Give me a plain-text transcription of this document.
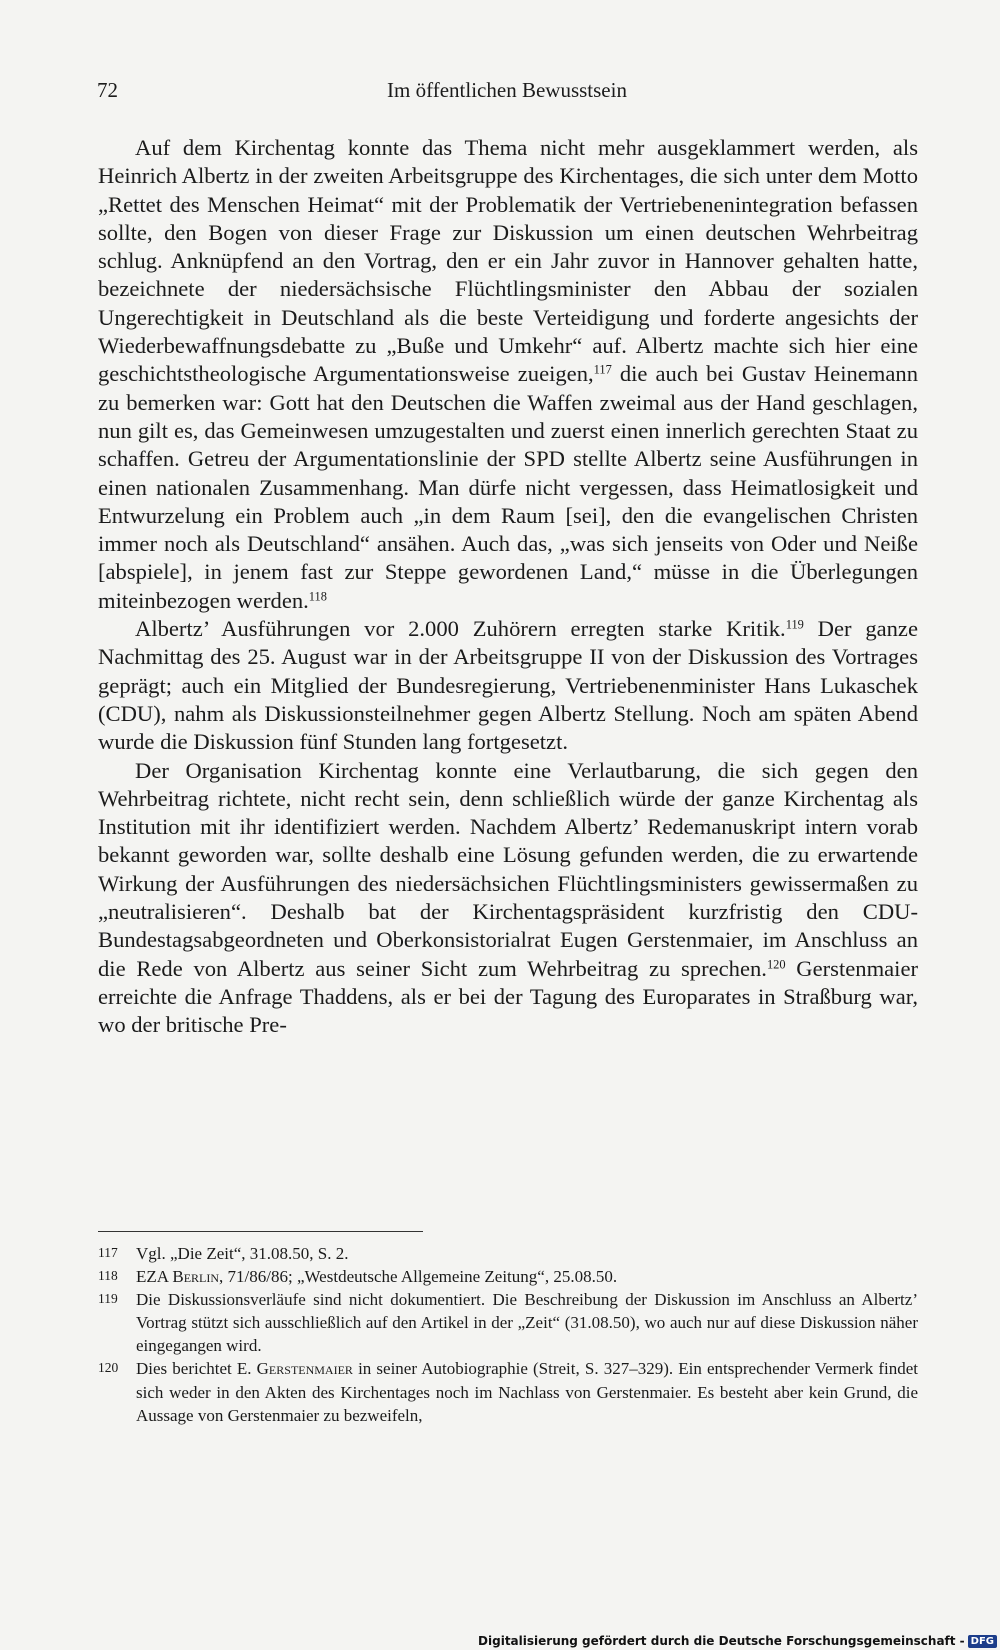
72	Im öffentlichen Bewusstsein

Auf dem Kirchentag konnte das Thema nicht mehr ausgeklammert werden, als Heinrich Albertz in der zweiten Arbeitsgruppe des Kirchentages, die sich unter dem Motto „Rettet des Menschen Heimat“ mit der Problematik der Vertriebenenintegration befassen sollte, den Bogen von dieser Frage zur Diskussion um einen deutschen Wehrbeitrag schlug. Anknüpfend an den Vortrag, den er ein Jahr zuvor in Hannover gehalten hatte, bezeichnete der niedersächsische Flüchtlingsminister den Abbau der sozialen Ungerechtigkeit in Deutschland als die beste Verteidigung und forderte angesichts der Wiederbewaffnungsdebatte zu „Buße und Umkehr“ auf. Albertz machte sich hier eine geschichtstheologische Argumentationsweise zueigen,$^{117}$ die auch bei Gustav Heinemann zu bemerken war: Gott hat den Deutschen die Waffen zweimal aus der Hand geschlagen, nun gilt es, das Gemeinwesen umzugestalten und zuerst einen innerlich gerechten Staat zu schaffen. Getreu der Argumentationslinie der SPD stellte Albertz seine Ausführungen in einen nationalen Zusammenhang. Man dürfe nicht vergessen, dass Heimatlosigkeit und Entwurzelung ein Problem auch „in dem Raum [sei], den die evangelischen Christen immer noch als Deutschland“ ansähen. Auch das, „was sich jenseits von Oder und Neiße [abspiele], in jenem fast zur Steppe gewordenen Land,“ müsse in die Überlegungen miteinbezogen werden.$^{118}$

Albertz’ Ausführungen vor 2.000 Zuhörern erregten starke Kritik.$^{119}$ Der ganze Nachmittag des 25. August war in der Arbeitsgruppe II von der Diskussion des Vortrages geprägt; auch ein Mitglied der Bundesregierung, Vertriebenenminister Hans Lukaschek (CDU), nahm als Diskussionsteilnehmer gegen Albertz Stellung. Noch am späten Abend wurde die Diskussion fünf Stunden lang fortgesetzt.

Der Organisation Kirchentag konnte eine Verlautbarung, die sich gegen den Wehrbeitrag richtete, nicht recht sein, denn schließlich würde der ganze Kirchentag als Institution mit ihr identifiziert werden. Nachdem Albertz’ Redemanuskript intern vorab bekannt geworden war, sollte deshalb eine Lösung gefunden werden, die zu erwartende Wirkung der Ausführungen des niedersächsichen Flüchtlingsministers gewissermaßen zu „neutralisieren“. Deshalb bat der Kirchentagspräsident kurzfristig den CDU-Bundestagsabgeordneten und Oberkonsistorialrat Eugen Gerstenmaier, im Anschluss an die Rede von Albertz aus seiner Sicht zum Wehrbeitrag zu sprechen.$^{120}$ Gerstenmaier erreichte die Anfrage Thaddens, als er bei der Tagung des Europarates in Straßburg war, wo der britische Pre-

117 Vgl. „Die Zeit“, 31.08.50, S. 2.
118 EZA Berlin, 71/86/86; „Westdeutsche Allgemeine Zeitung“, 25.08.50.
119 Die Diskussionsverläufe sind nicht dokumentiert. Die Beschreibung der Diskussion im Anschluss an Albertz’ Vortrag stützt sich ausschließlich auf den Artikel in der „Zeit“ (31.08.50), wo auch nur auf diese Diskussion näher eingegangen wird.
120 Dies berichtet E. Gerstenmaier in seiner Autobiographie (Streit, S. 327–329). Ein entsprechender Vermerk findet sich weder in den Akten des Kirchentages noch im Nachlass von Gerstenmaier. Es besteht aber kein Grund, die Aussage von Gerstenmaier zu bezweifeln,
Digitalisierung gefördert durch die Deutsche Forschungsgemeinschaft - DFG
